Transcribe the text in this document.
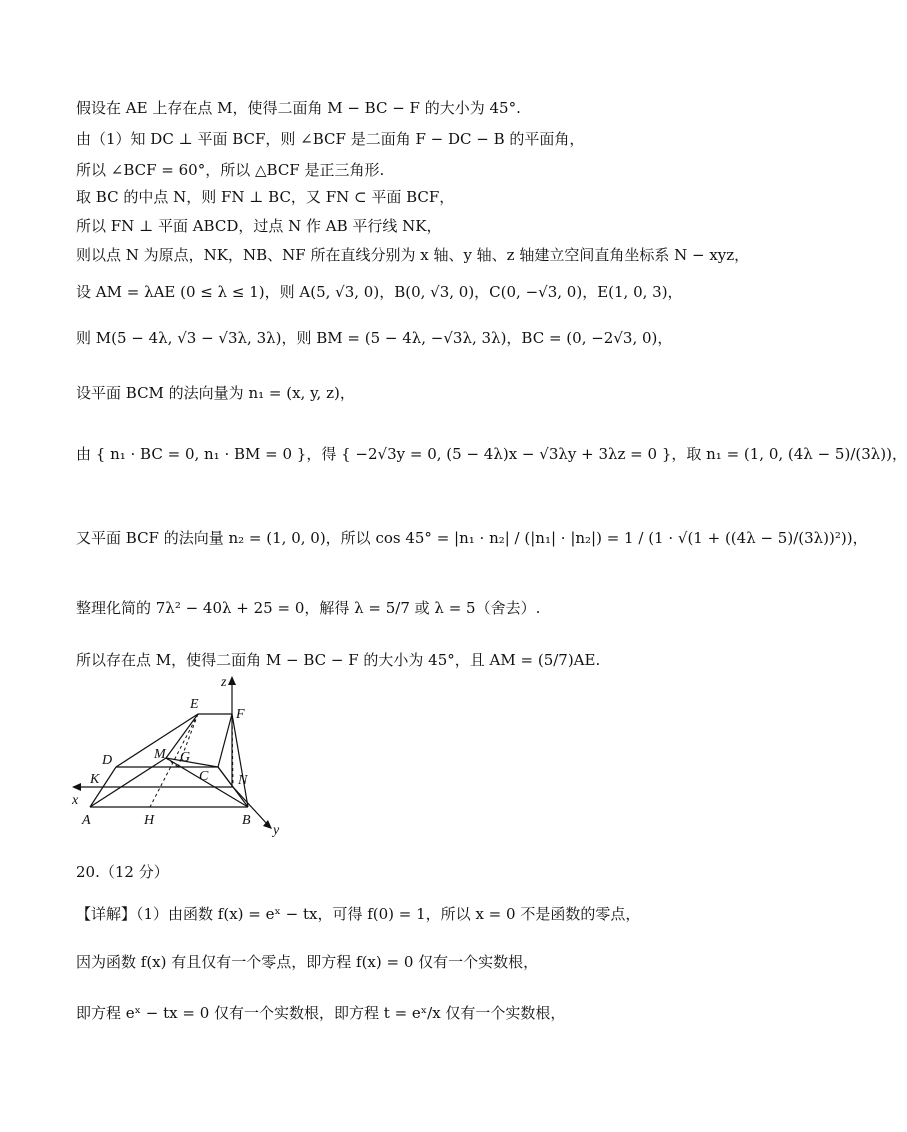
假设在 AE 上存在点 M，使得二面角 M − BC − F 的大小为 45°.
由（1）知 DC ⊥ 平面 BCF，则 ∠BCF 是二面角 F − DC − B 的平面角，
所以 ∠BCF = 60°，所以 △BCF 是正三角形.
取 BC 的中点 N，则 FN ⊥ BC，又 FN ⊂ 平面 BCF，
所以 FN ⊥ 平面 ABCD，过点 N 作 AB 平行线 NK，
则以点 N 为原点，NK，NB、NF 所在直线分别为 x 轴、y 轴、z 轴建立空间直角坐标系 N − xyz，
设 AM = λAE (0 ≤ λ ≤ 1)，则 A(5, √3, 0)，B(0, √3, 0)，C(0, −√3, 0)，E(1, 0, 3)，
则 M(5 − 4λ, √3 − √3λ, 3λ)，则 BM = (5 − 4λ, −√3λ, 3λ)，BC = (0, −2√3, 0)，
设平面 BCM 的法向量为 n₁ = (x, y, z)，
由 { n₁ · BC = 0, n₁ · BM = 0 }，得 { −2√3y = 0, (5 − 4λ)x − √3λy + 3λz = 0 }，取 n₁ = (1, 0, (4λ − 5)/(3λ))，
又平面 BCF 的法向量 n₂ = (1, 0, 0)，所以 cos 45° = |n₁ · n₂| / (|n₁| · |n₂|) = 1 / (1 · √(1 + ((4λ − 5)/(3λ))²))，
整理化简的 7λ² − 40λ + 25 = 0，解得 λ = 5/7 或 λ = 5（舍去）.
所以存在点 M，使得二面角 M − BC − F 的大小为 45°，且 AM = (5/7)AE.
E
F
z
D	M G
C N
K
x
A	H	B
y
20.（12 分）
【详解】（1）由函数 f(x) = eˣ − tx，可得 f(0) = 1，所以 x = 0 不是函数的零点，
因为函数 f(x) 有且仅有一个零点，即方程 f(x) = 0 仅有一个实数根，
即方程 eˣ − tx = 0 仅有一个实数根，即方程 t = eˣ/x 仅有一个实数根，
